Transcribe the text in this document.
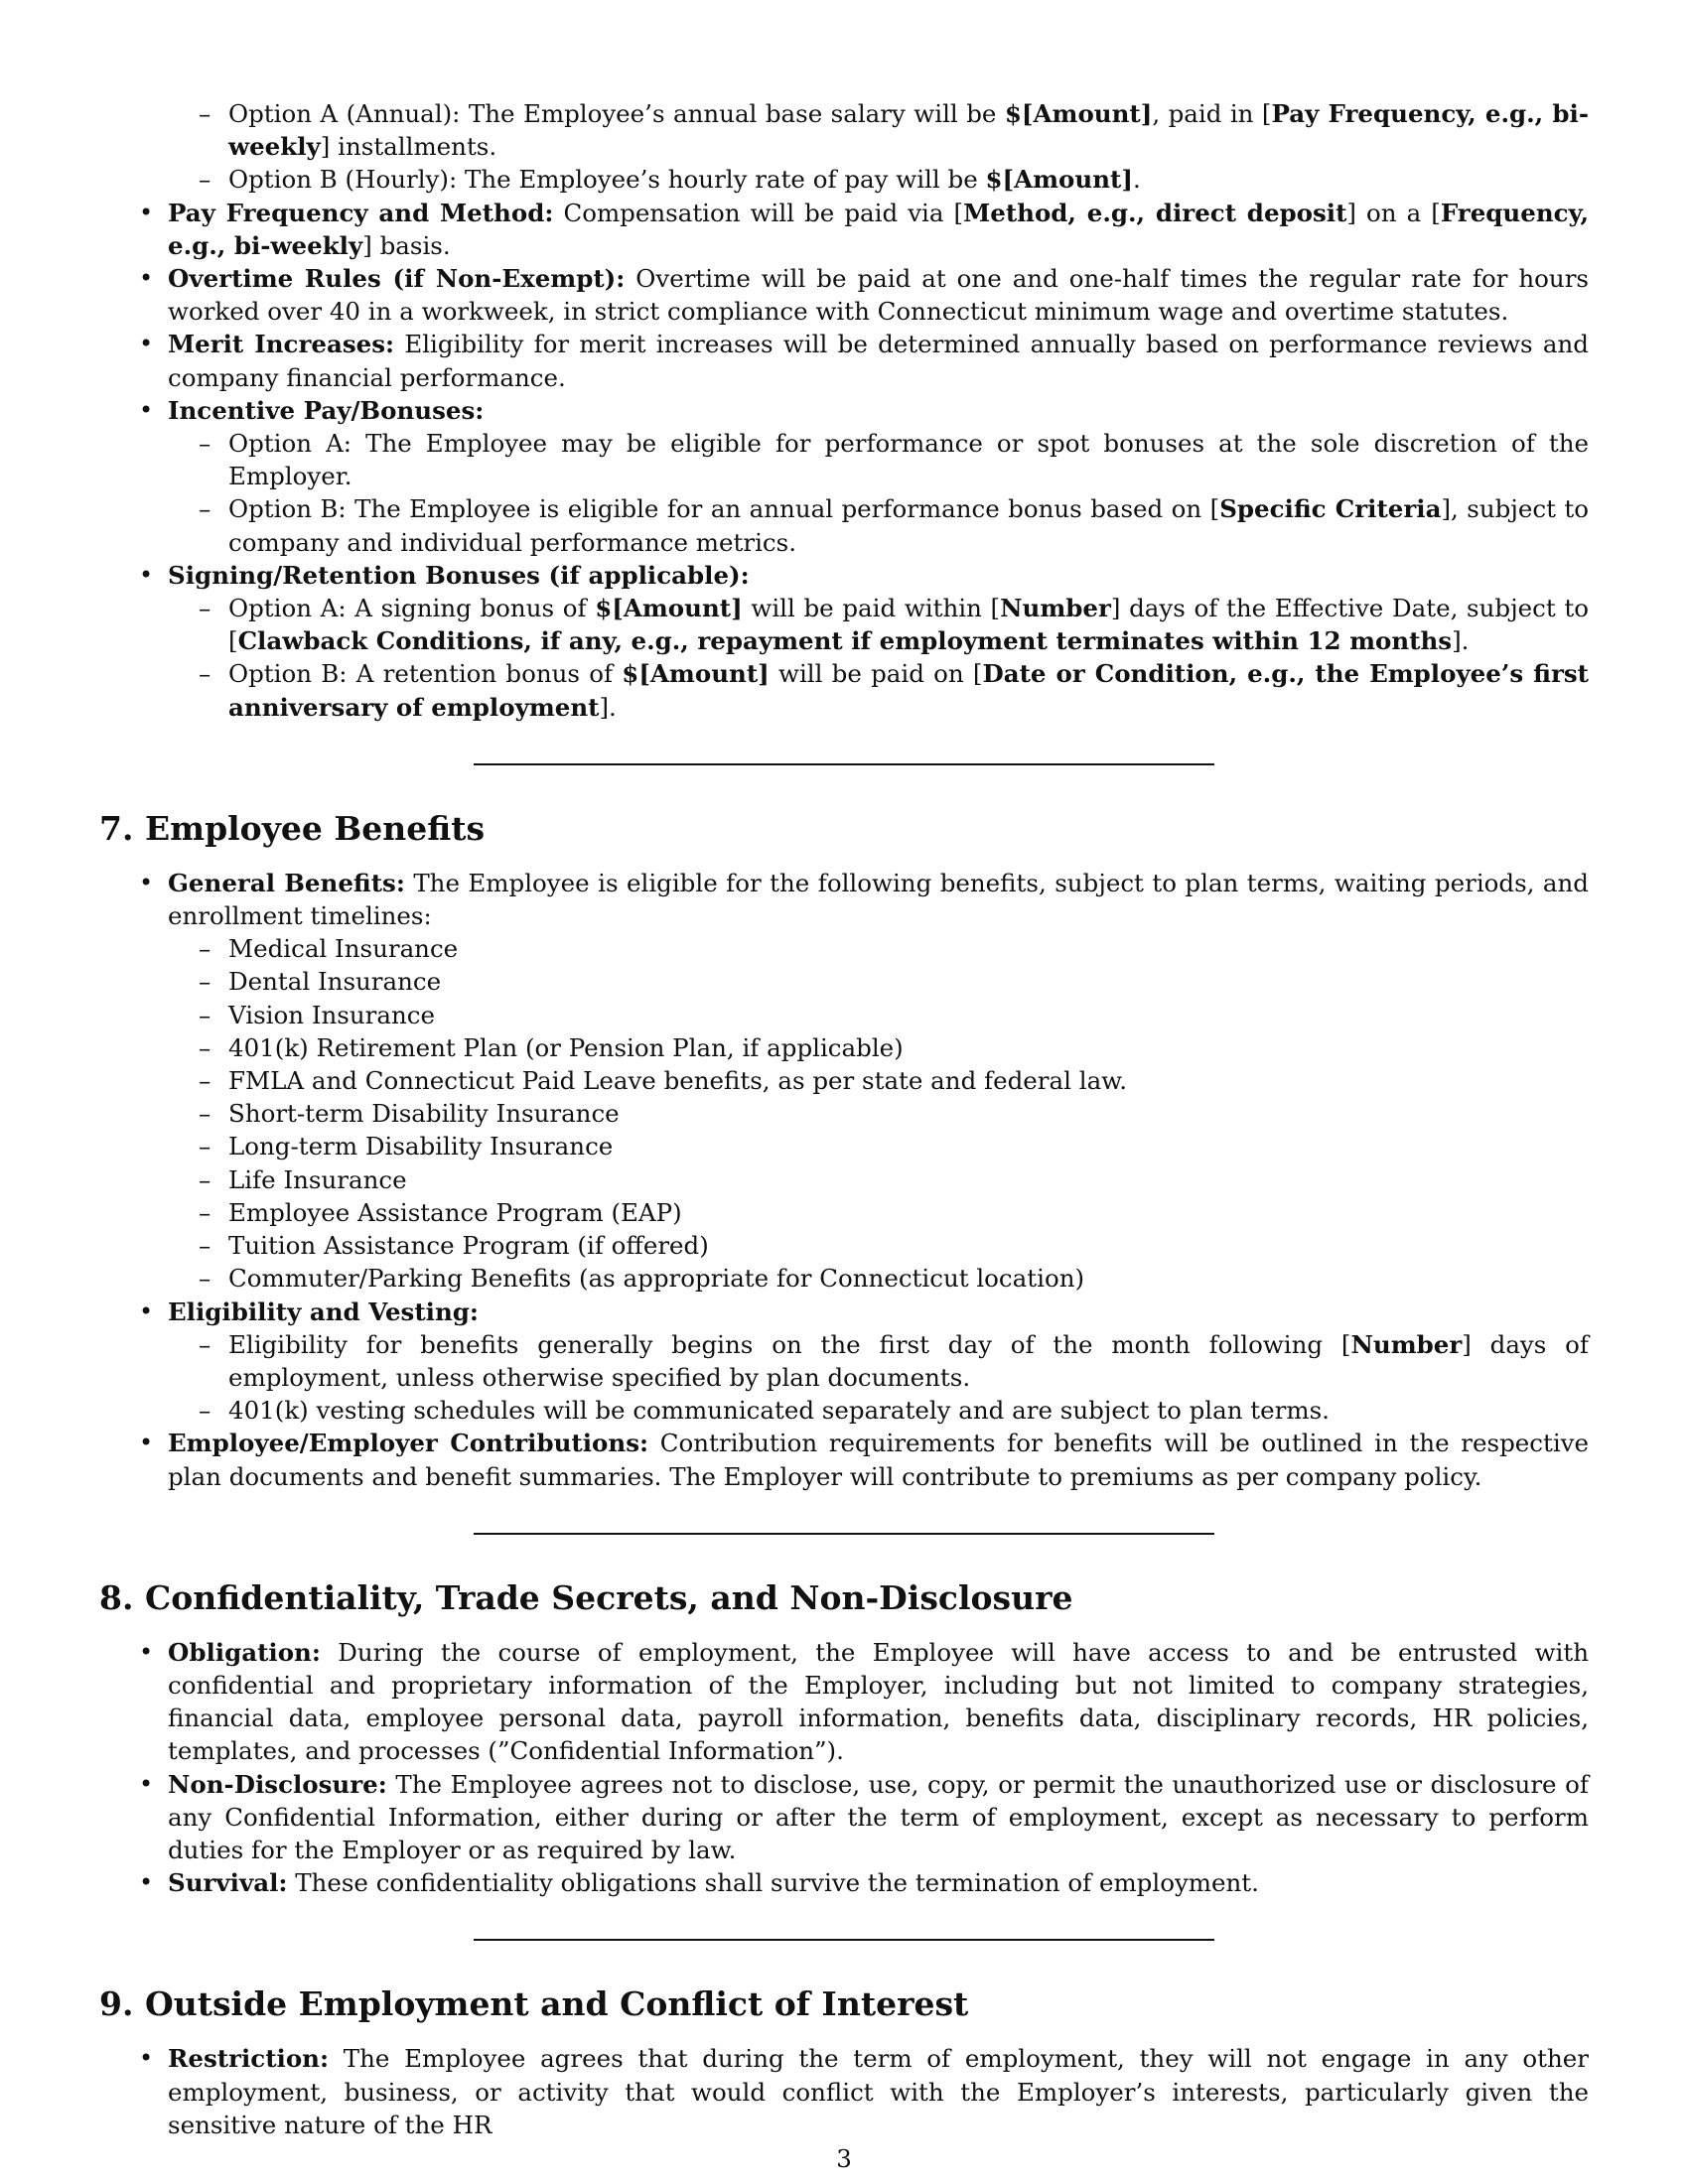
– Option A (Annual): The Employee’s annual base salary will be $[Amount], paid in [Pay Frequency, e.g., bi-weekly] installments.
– Option B (Hourly): The Employee’s hourly rate of pay will be $[Amount].
• Pay Frequency and Method: Compensation will be paid via [Method, e.g., direct deposit] on a [Frequency, e.g., bi-weekly] basis.
• Overtime Rules (if Non-Exempt): Overtime will be paid at one and one-half times the regular rate for hours worked over 40 in a workweek, in strict compliance with Connecticut minimum wage and overtime statutes.
• Merit Increases: Eligibility for merit increases will be determined annually based on performance reviews and company financial performance.
• Incentive Pay/Bonuses:
– Option A: The Employee may be eligible for performance or spot bonuses at the sole discretion of the Employer.
– Option B: The Employee is eligible for an annual performance bonus based on [Specific Criteria], subject to company and individual performance metrics.
• Signing/Retention Bonuses (if applicable):
– Option A: A signing bonus of $[Amount] will be paid within [Number] days of the Effective Date, subject to [Clawback Conditions, if any, e.g., repayment if employment terminates within 12 months].
– Option B: A retention bonus of $[Amount] will be paid on [Date or Condition, e.g., the Employee’s first anniversary of employment].
7. Employee Benefits
• General Benefits: The Employee is eligible for the following benefits, subject to plan terms, waiting periods, and enrollment timelines:
– Medical Insurance
– Dental Insurance
– Vision Insurance
– 401(k) Retirement Plan (or Pension Plan, if applicable)
– FMLA and Connecticut Paid Leave benefits, as per state and federal law.
– Short-term Disability Insurance
– Long-term Disability Insurance
– Life Insurance
– Employee Assistance Program (EAP)
– Tuition Assistance Program (if offered)
– Commuter/Parking Benefits (as appropriate for Connecticut location)
• Eligibility and Vesting:
– Eligibility for benefits generally begins on the first day of the month following [Number] days of employment, unless otherwise specified by plan documents.
– 401(k) vesting schedules will be communicated separately and are subject to plan terms.
• Employee/Employer Contributions: Contribution requirements for benefits will be outlined in the respective plan documents and benefit summaries. The Employer will contribute to premiums as per company policy.
8. Confidentiality, Trade Secrets, and Non-Disclosure
• Obligation: During the course of employment, the Employee will have access to and be entrusted with confidential and proprietary information of the Employer, including but not limited to company strategies, financial data, employee personal data, payroll information, benefits data, disciplinary records, HR policies, templates, and processes (”Confidential Information”).
• Non-Disclosure: The Employee agrees not to disclose, use, copy, or permit the unauthorized use or disclosure of any Confidential Information, either during or after the term of employment, except as necessary to perform duties for the Employer or as required by law.
• Survival: These confidentiality obligations shall survive the termination of employment.
9. Outside Employment and Conflict of Interest
• Restriction: The Employee agrees that during the term of employment, they will not engage in any other employment, business, or activity that would conflict with the Employer’s interests, particularly given the sensitive nature of the HR
3
